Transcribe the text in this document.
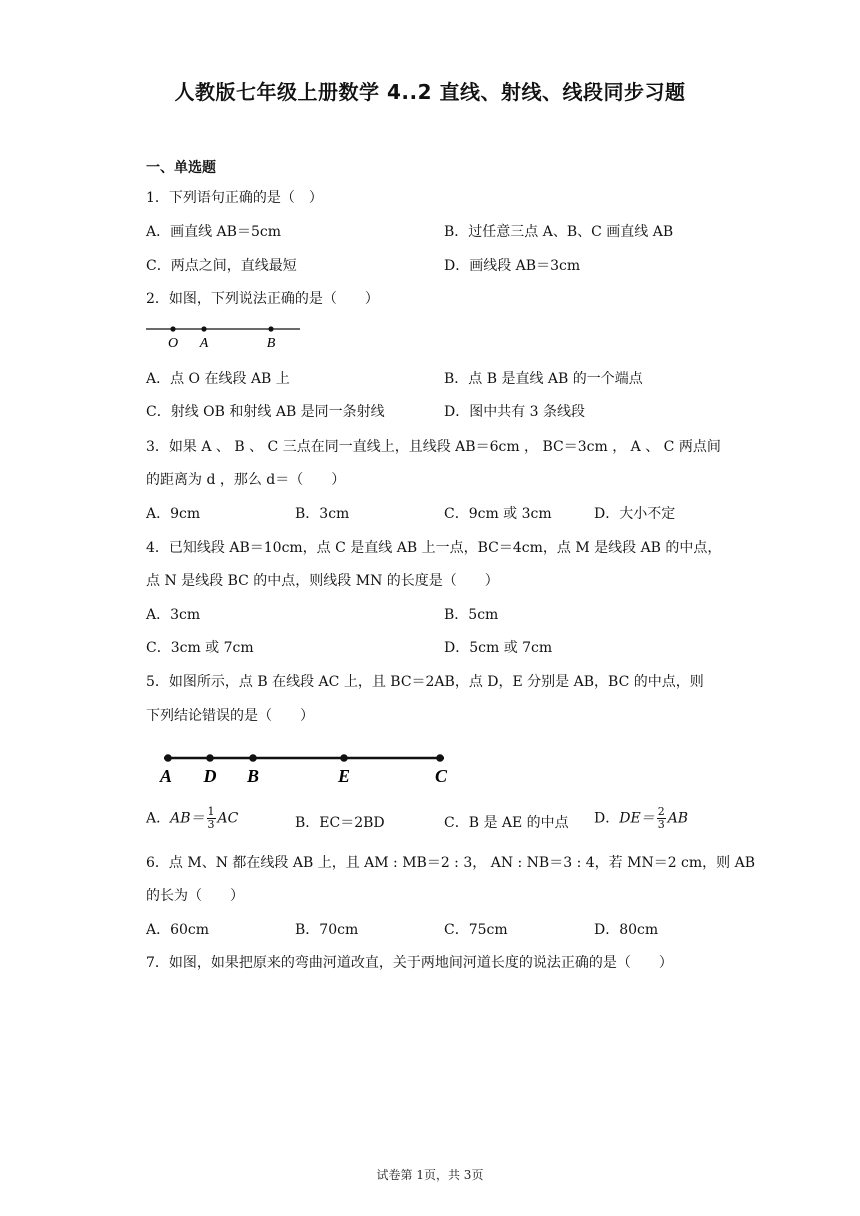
人教版七年级上册数学 4..2 直线、射线、线段同步习题
一、单选题
1．下列语句正确的是（　）
A．画直线 AB＝5cm	B．过任意三点 A、B、C 画直线 AB
C．两点之间，直线最短	D．画线段 AB＝3cm
2．如图，下列说法正确的是（　　）
O A	B
A．点 O 在线段 AB 上	B．点 B 是直线 AB 的一个端点
C．射线 OB 和射线 AB 是同一条射线	D．图中共有 3 条线段
3．如果 A 、 B 、 C 三点在同一直线上，且线段 AB＝6cm ， BC＝3cm ， A 、 C 两点间
的距离为 d ，那么 d＝（　　）
A．9cm	B．3cm	C．9cm 或 3cm	D．大小不定
4．已知线段 AB＝10cm，点 C 是直线 AB 上一点，BC＝4cm，点 M 是线段 AB 的中点，
点 N 是线段 BC 的中点，则线段 MN 的长度是（　　）
A．3cm	B．5cm
C．3cm 或 7cm	D．5cm 或 7cm
5．如图所示，点 B 在线段 AC 上，且 BC＝2AB，点 D，E 分别是 AB，BC 的中点，则
下列结论错误的是（　　）
A D B	E	C
A．$AB= \frac{1}{3}$ AC	B．EC＝2BD	C．B 是 AE 的中点 D．$DE= \frac{2}{3}$ AB
6．点 M、N 都在线段 AB 上，且 AM : MB＝2 : 3， AN : NB＝3 : 4，若 MN＝2 cm，则 AB
的长为（　　）
A．60cm	B．70cm	C．75cm	D．80cm
7．如图，如果把原来的弯曲河道改直，关于两地间河道长度的说法正确的是（　　）
试卷第 1页，共 3页
